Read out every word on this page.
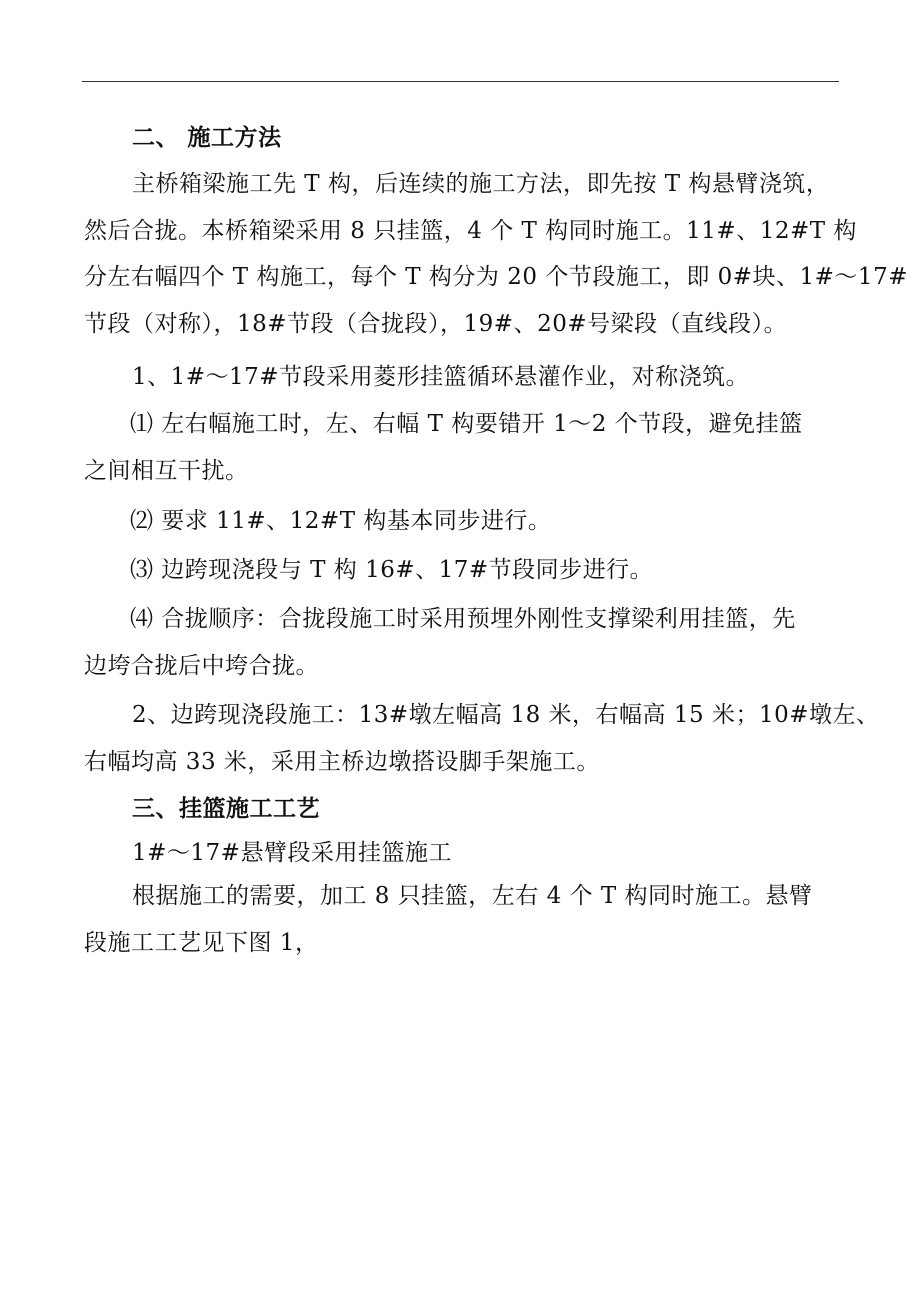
二、 施工方法

主桥箱梁施工先 T 构，后连续的施工方法，即先按 T 构悬臂浇筑，
然后合拢。本桥箱梁采用 8 只挂篮，4 个 T 构同时施工。11#、12#T 构
分左右幅四个 T 构施工，每个 T 构分为 20 个节段施工，即 0#块、1#～17#
节段（对称），18#节段（合拢段），19#、20#号梁段（直线段）。

1、1#～17#节段采用菱形挂篮循环悬灌作业，对称浇筑。

⑴ 左右幅施工时，左、右幅 T 构要错开 1～2 个节段，避免挂篮
之间相互干扰。

⑵ 要求 11#、12#T 构基本同步进行。

⑶ 边跨现浇段与 T 构 16#、17#节段同步进行。

⑷ 合拢顺序：合拢段施工时采用预埋外刚性支撑梁利用挂篮，先
边垮合拢后中垮合拢。
2、边跨现浇段施工：13#墩左幅高 18 米，右幅高 15 米；10#墩左、
右幅均高 33 米，采用主桥边墩搭设脚手架施工。

三、挂篮施工工艺

1#～17#悬臂段采用挂篮施工

根据施工的需要，加工 8 只挂篮，左右 4 个 T 构同时施工。悬臂
段施工工艺见下图 1，
